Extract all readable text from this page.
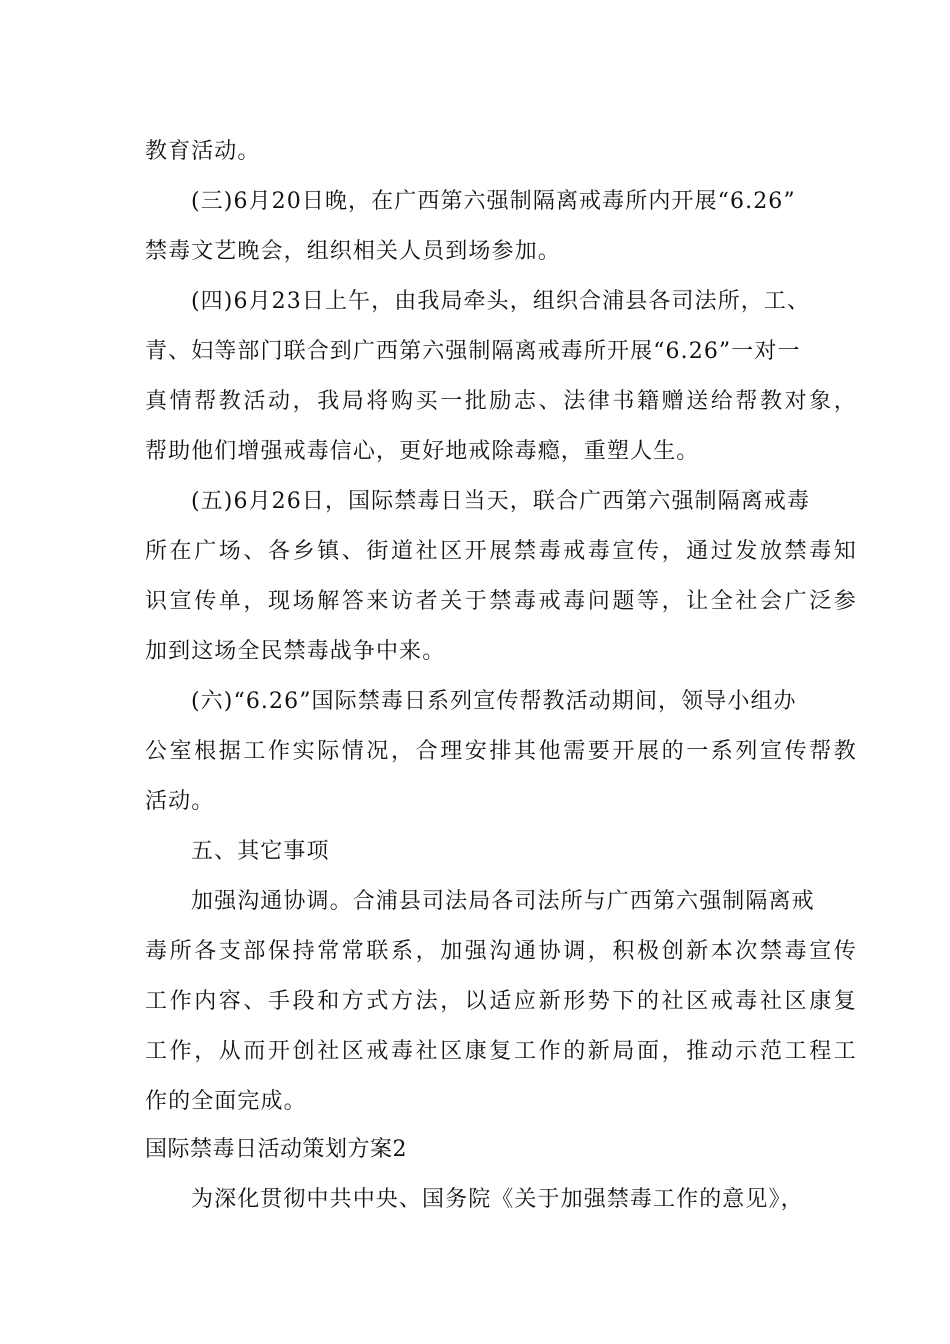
教育活动。
(三)6月20日晚，在广西第六强制隔离戒毒所内开展“6.26”
禁毒文艺晚会，组织相关人员到场参加。
(四)6月23日上午，由我局牵头，组织合浦县各司法所，工、
青、妇等部门联合到广西第六强制隔离戒毒所开展“6.26”一对一
真情帮教活动，我局将购买一批励志、法律书籍赠送给帮教对象，
帮助他们增强戒毒信心，更好地戒除毒瘾，重塑人生。
(五)6月26日，国际禁毒日当天，联合广西第六强制隔离戒毒
所在广场、各乡镇、街道社区开展禁毒戒毒宣传，通过发放禁毒知
识宣传单，现场解答来访者关于禁毒戒毒问题等，让全社会广泛参
加到这场全民禁毒战争中来。
(六)“6.26”国际禁毒日系列宣传帮教活动期间，领导小组办
公室根据工作实际情况，合理安排其他需要开展的一系列宣传帮教
活动。
五、其它事项
加强沟通协调。合浦县司法局各司法所与广西第六强制隔离戒
毒所各支部保持常常联系，加强沟通协调，积极创新本次禁毒宣传
工作内容、手段和方式方法，以适应新形势下的社区戒毒社区康复
工作，从而开创社区戒毒社区康复工作的新局面，推动示范工程工
作的全面完成。
国际禁毒日活动策划方案2
为深化贯彻中共中央、国务院《关于加强禁毒工作的意见》，
